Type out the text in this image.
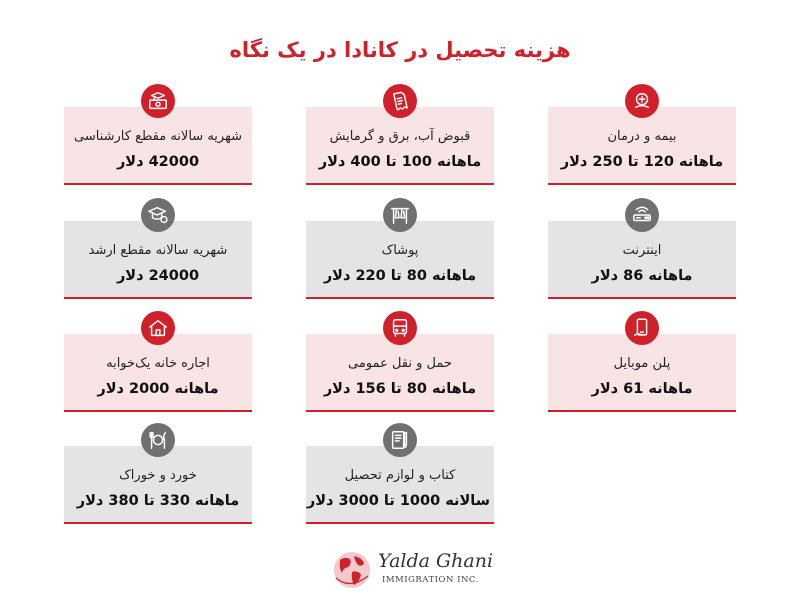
هزینه تحصیل در کانادا در یک نگاه
شهریه سالانه مقطع کارشناسی
42000 دلار
قبوض آب، برق و گرمایش
ماهانه 100 تا 400 دلار
بیمه و درمان
ماهانه 120 تا 250 دلار
شهریه سالانه مقطع ارشد
24000 دلار
پوشاک
ماهانه 80 تا 220 دلار
اینترنت
ماهانه 86 دلار
اجاره خانه یک‌خوابه
ماهانه 2000 دلار
حمل و نقل عمومی
ماهانه 80 تا 156 دلار
پلن موبایل
ماهانه 61 دلار
خورد و خوراک
ماهانه 330 تا 380 دلار
کتاب و لوازم تحصیل
سالانه 1000 تا 3000 دلار
Yalda Ghani
IMMIGRATION INC.
